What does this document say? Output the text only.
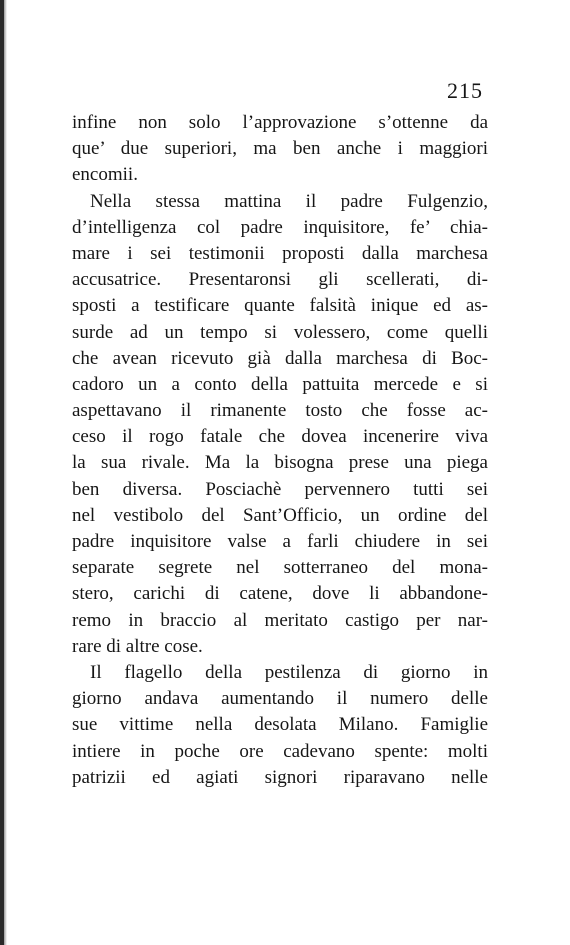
215
infine non solo l’approvazione s’ottenne da
que’ due superiori, ma ben anche i maggiori
encomii.
Nella stessa mattina il padre Fulgenzio,
d’intelligenza col padre inquisitore, fe’ chia-
mare i sei testimonii proposti dalla marchesa
accusatrice. Presentaronsi gli scellerati, di-
sposti a testificare quante falsità inique ed as-
surde ad un tempo si volessero, come quelli
che avean ricevuto già dalla marchesa di Boc-
cadoro un a conto della pattuita mercede e si
aspettavano il rimanente tosto che fosse ac-
ceso il rogo fatale che dovea incenerire viva
la sua rivale. Ma la bisogna prese una piega
ben diversa. Posciachè pervennero tutti sei
nel vestibolo del Sant’Officio, un ordine del
padre inquisitore valse a farli chiudere in sei
separate segrete nel sotterraneo del mona-
stero, carichi di catene, dove li abbandone-
remo in braccio al meritato castigo per nar-
rare di altre cose.
Il flagello della pestilenza di giorno in
giorno andava aumentando il numero delle
sue vittime nella desolata Milano. Famiglie
intiere in poche ore cadevano spente: molti
patrizii ed agiati signori riparavano nelle
